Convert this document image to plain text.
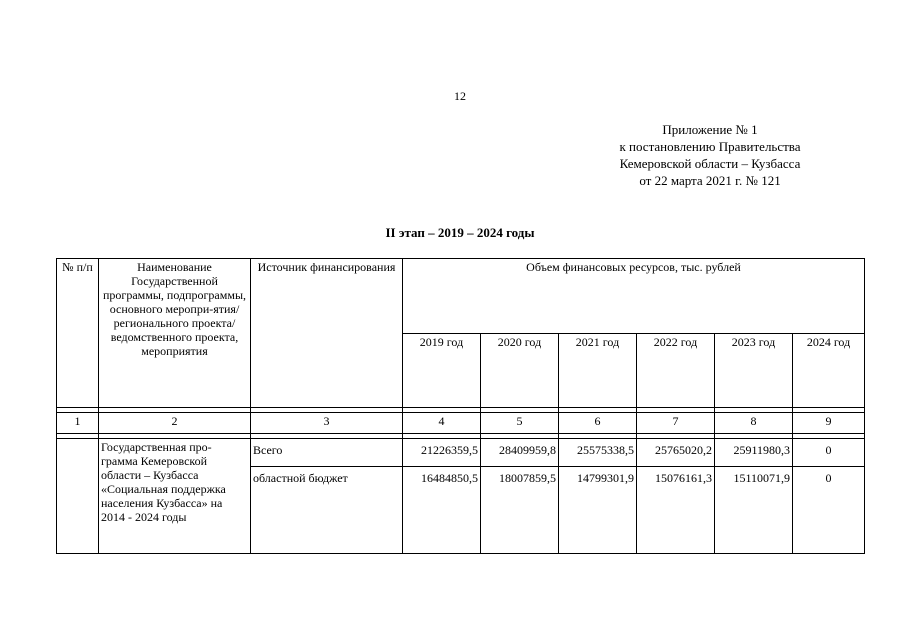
12
Приложение № 1
к постановлению Правительства
Кемеровской области – Кузбасса
от 22 марта 2021 г. № 121
II этап – 2019 – 2024 годы
№ п/п	Наименование Государственной программы, подпрограммы, основного меропри-ятия/регионального проекта/ ведомственного проекта, мероприятия	Источник финансирования	Объем финансовых ресурсов, тыс. рублей					
			2019 год	2020 год	2021 год	2022 год	2023 год	2024 год

1	2	3	4	5	6	7	8	9

	Государственная про-грамма Кемеровской области – Кузбасса «Социальная поддержка населения Кузбасса» на 2014 - 2024 годы	Всего	21226359,5	28409959,8	25575338,5	25765020,2	25911980,3	0
		областной бюджет	16484850,5	18007859,5	14799301,9	15076161,3	15110071,9	0
